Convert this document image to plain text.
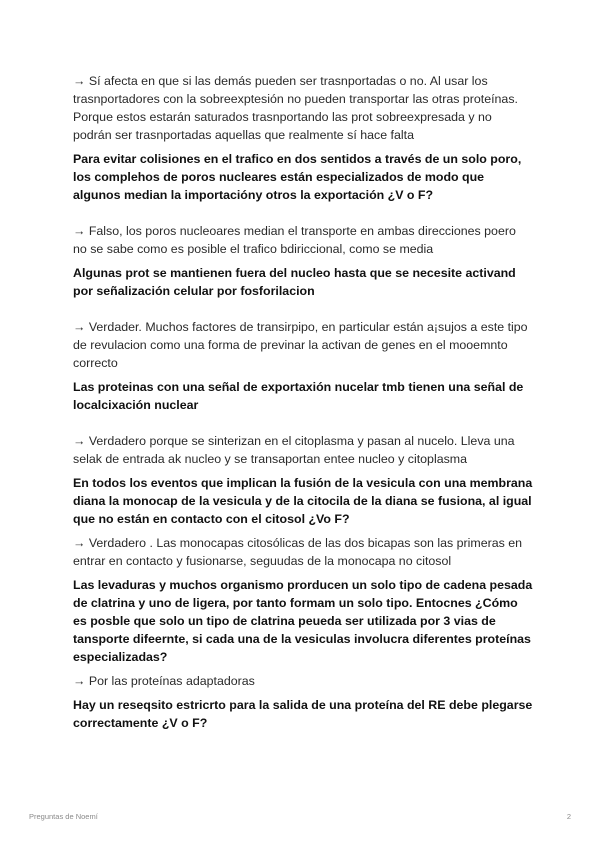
→ Sí afecta en que si las demás pueden ser trasnportadas o no. Al usar los trasnportadores con la sobreexptesión no pueden transportar las otras proteínas. Porque estos estarán saturados trasnportando las prot sobreexpresada y no podrán ser trasnportadas aquellas que realmente sí hace falta

Para evitar colisiones en el trafico en dos sentidos a través de un solo poro, los complehos de poros nucleares están especializados de modo que algunos median la importacióny otros la exportación ¿V o F?

→ Falso, los poros nucleoares median el transporte en ambas direcciones poero no se sabe como es posible el trafico bdiriccional, como se media

Algunas prot se mantienen fuera del nucleo hasta que se necesite activand por señalización celular por fosforilacion

→ Verdader. Muchos factores de transirpipo, en particular están a¡sujos a este tipo de revulacion como una forma de previnar la activan de genes en el mooemnto correcto

Las proteinas con una señal de exportaxión nucelar tmb tienen una señal de localcixación nuclear

→ Verdadero porque se sinterizan en el citoplasma y pasan al nucelo. Lleva una selak de entrada ak nucleo y se transaportan entee nucleo y citoplasma

En todos los eventos que implican la fusión de la vesicula con una membrana diana la monocap de la vesicula y de la citocila de la diana se fusiona, al igual que no están en contacto con el citosol ¿Vo F?

→ Verdadero . Las monocapas citosólicas de las dos bicapas son las primeras en entrar en contacto y fusionarse, seguudas de la monocapa no citosol

Las levaduras y muchos organismo prorducen un solo tipo de cadena pesada de clatrina y uno de ligera, por tanto formam un solo tipo. Entocnes ¿Cómo es posble que solo un tipo de clatrina peueda ser utilizada por 3 vias de tansporte difeernte, si cada una de la vesiculas involucra diferentes proteínas especializadas?

→ Por las proteínas adaptadoras

Hay un reseqsito estricrto para la salida de una proteína del RE debe plegarse correctamente ¿V o F?

Preguntas de Noemí	2
